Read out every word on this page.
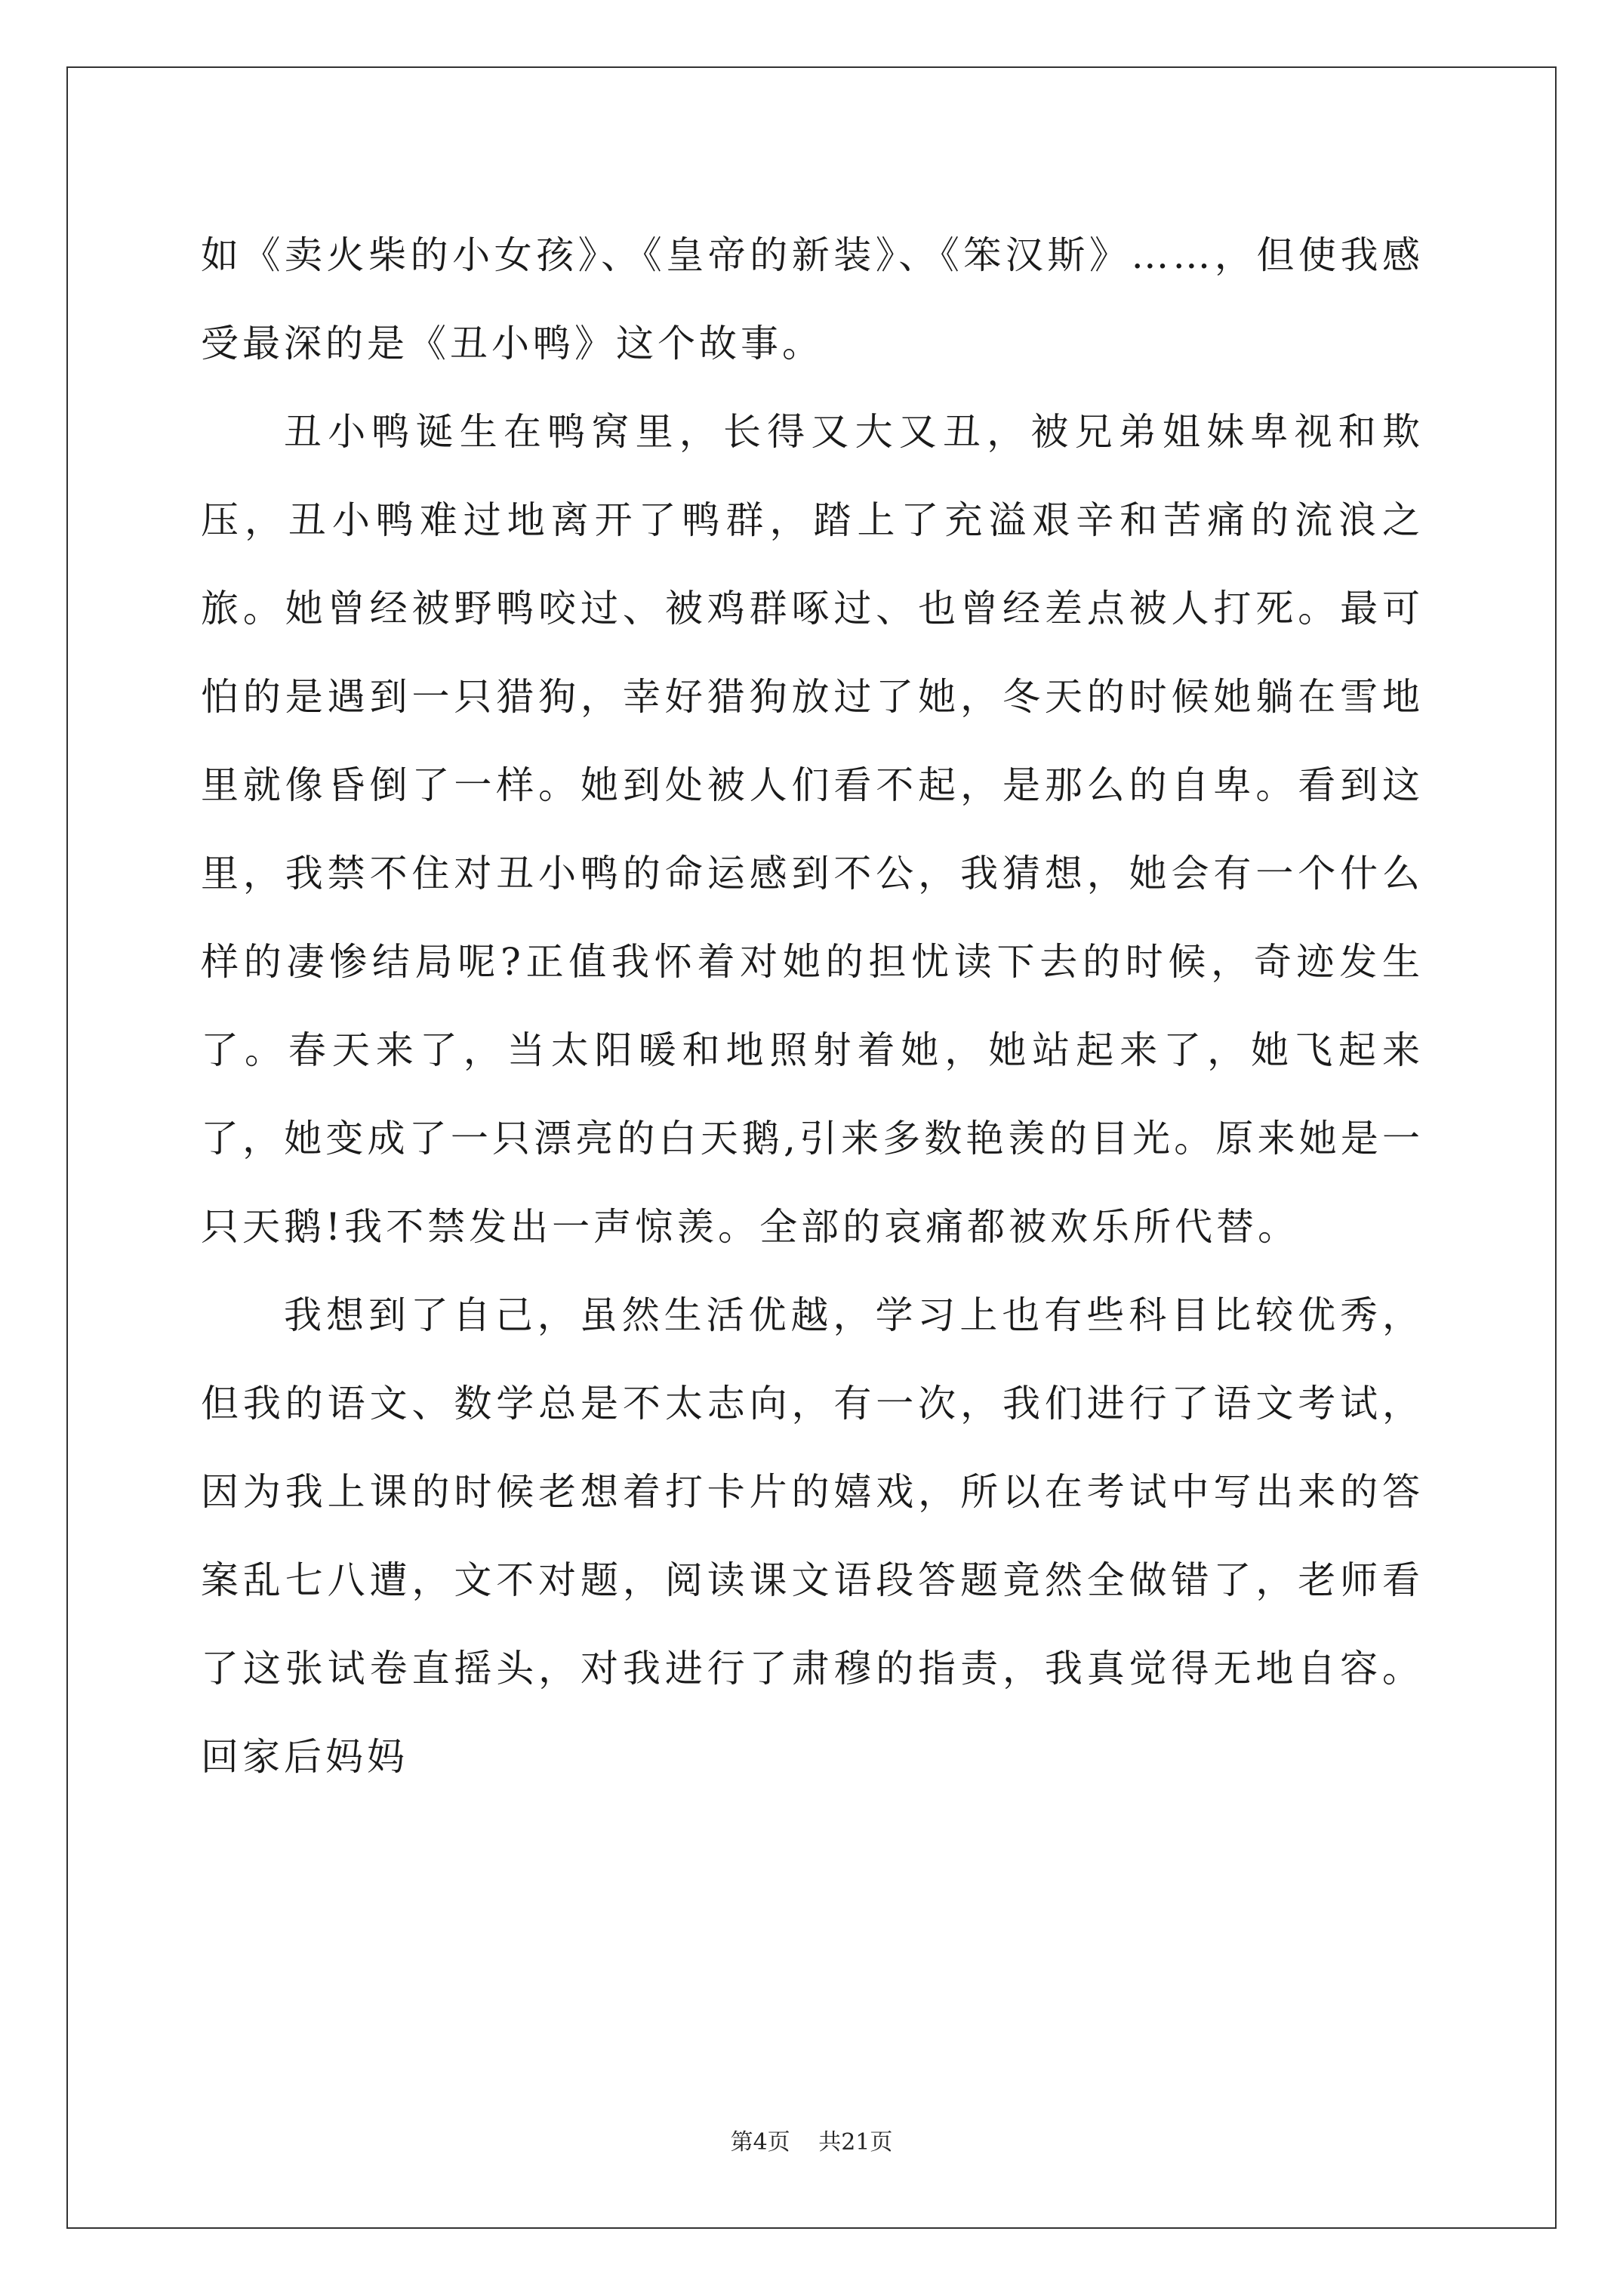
如《卖火柴的小女孩》、《皇帝的新装》、《笨汉斯》……，但使我感受最深的是《丑小鸭》这个故事。

丑小鸭诞生在鸭窝里，长得又大又丑，被兄弟姐妹卑视和欺压，丑小鸭难过地离开了鸭群，踏上了充溢艰辛和苦痛的流浪之旅。她曾经被野鸭咬过、被鸡群啄过、也曾经差点被人打死。最可怕的是遇到一只猎狗，幸好猎狗放过了她，冬天的时候她躺在雪地里就像昏倒了一样。她到处被人们看不起，是那么的自卑。看到这里，我禁不住对丑小鸭的命运感到不公，我猜想，她会有一个什么样的凄惨结局呢?正值我怀着对她的担忧读下去的时候，奇迹发生了。春天来了，当太阳暖和地照射着她，她站起来了，她飞起来了，她变成了一只漂亮的白天鹅,引来多数艳羡的目光。原来她是一只天鹅!我不禁发出一声惊羡。全部的哀痛都被欢乐所代替。

我想到了自己，虽然生活优越，学习上也有些科目比较优秀，但我的语文、数学总是不太志向，有一次，我们进行了语文考试，因为我上课的时候老想着打卡片的嬉戏，所以在考试中写出来的答案乱七八遭，文不对题，阅读课文语段答题竟然全做错了，老师看了这张试卷直摇头，对我进行了肃穆的指责，我真觉得无地自容。回家后妈妈

第4页 共21页
